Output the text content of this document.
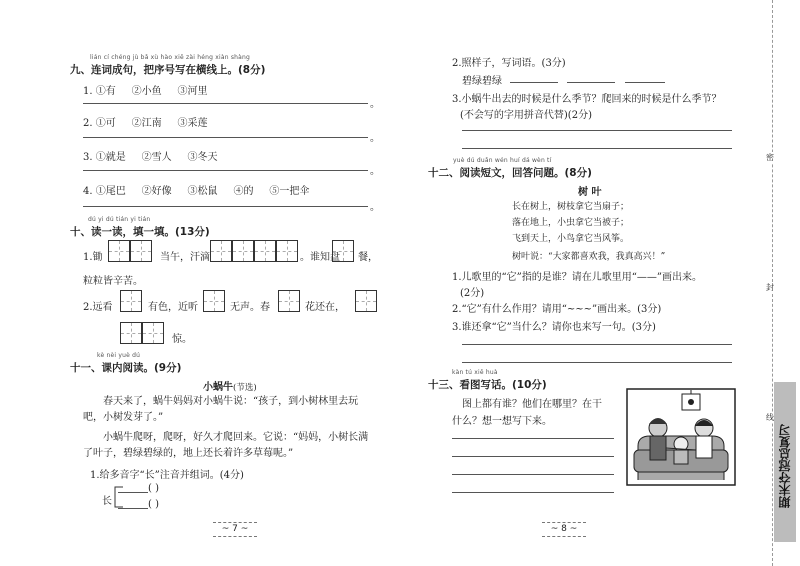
lián cí chéng jù bǎ xù hào xiě zài héng xiàn shàng
九、连词成句，把序号写在横线上。(8分)
1. ①有 ②小鱼 ③河里
。
2. ①可 ②江南 ③采莲
。
3. ①就是 ②雪人 ③冬天
。
4. ①尾巴 ②好像 ③松鼠 ④的 ⑤一把伞
。
dú yi dú tián yi tián
十、读一读，填一填。(13分)
1.锄	当午，汗滴	。谁知盘 餐，
粒粒皆辛苦。
2.远看	有色，近听	无声。春	花还在，
惊。
kè nèi yuè dú
十一、课内阅读。(9分)
小蜗牛(节选)
春天来了，蜗牛妈妈对小蜗牛说：“孩子，到小树林里去玩吧，小树发芽了。”
小蜗牛爬呀，爬呀，好久才爬回来。它说：“妈妈，小树长满了叶子，碧绿碧绿的，地上还长着许多草莓呢。”
1.给多音字“长”注音并组词。(4分)
长
( )
( )
~ 7 ~
2.照样子，写词语。(3分)
碧绿碧绿
3.小蜗牛出去的时候是什么季节？爬回来的时候是什么季节？
(不会写的字用拼音代替)(2分)
yuè dú duǎn wén huí dá wèn tí
十二、阅读短文，回答问题。(8分)
树 叶
长在树上，树枝拿它当扇子；
落在地上，小虫拿它当被子；
飞到天上，小鸟拿它当风筝。
树叶说：“大家都喜欢我，我真高兴！”
1.儿歌里的“它”指的是谁？请在儿歌里用“——”画出来。
(2分)
2.“它”有什么作用？请用“~~~”画出来。(3分)
3.谁还拿“它”当什么？请你也来写一句。(3分)
kàn tú xiě huà
十三、看图写话。(10分)
图上都有谁？他们在哪里？在干
什么？想一想写下来。
~ 8 ~
密
封
线
期末夺冠总复习
